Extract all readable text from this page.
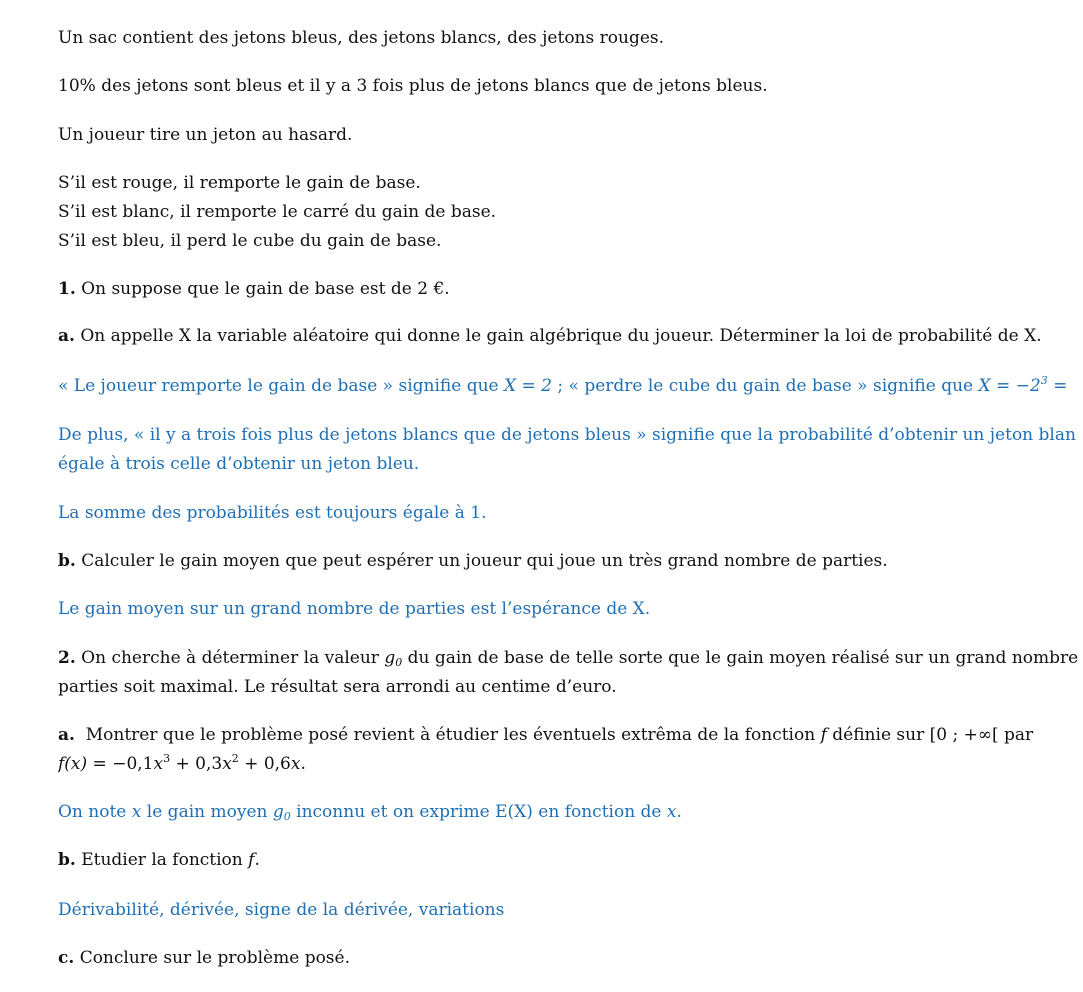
Un sac contient des jetons bleus, des jetons blancs, des jetons rouges.
10% des jetons sont bleus et il y a 3 fois plus de jetons blancs que de jetons bleus.
Un joueur tire un jeton au hasard.
S’il est rouge, il remporte le gain de base.
S’il est blanc, il remporte le carré du gain de base.
S’il est bleu, il perd le cube du gain de base.
1. On suppose que le gain de base est de 2 €.
a. On appelle X la variable aléatoire qui donne le gain algébrique du joueur. Déterminer la loi de probabilité de X.
« Le joueur remporte le gain de base » signifie que X = 2 ; « perdre le cube du gain de base » signifie que $X = -2^3$ =
De plus, « il y a trois fois plus de jetons blancs que de jetons bleus » signifie que la probabilité d’obtenir un jeton blan
égale à trois celle d’obtenir un jeton bleu.
La somme des probabilités est toujours égale à 1.
b. Calculer le gain moyen que peut espérer un joueur qui joue un très grand nombre de parties.
Le gain moyen sur un grand nombre de parties est l’espérance de X.
2. On cherche à déterminer la valeur $g_0$ du gain de base de telle sorte que le gain moyen réalisé sur un grand nombre
parties soit maximal. Le résultat sera arrondi au centime d’euro.
a. Montrer que le problème posé revient à étudier les éventuels extrêma de la fonction f définie sur [0 ; +∞[ par
$f(x) = -0,1x^3 + 0,3x^2 + 0,6x$.
On note x le gain moyen $g_0$ inconnu et on exprime E(X) en fonction de x.
b. Etudier la fonction f.
Dérivabilité, dérivée, signe de la dérivée, variations
c. Conclure sur le problème posé.
